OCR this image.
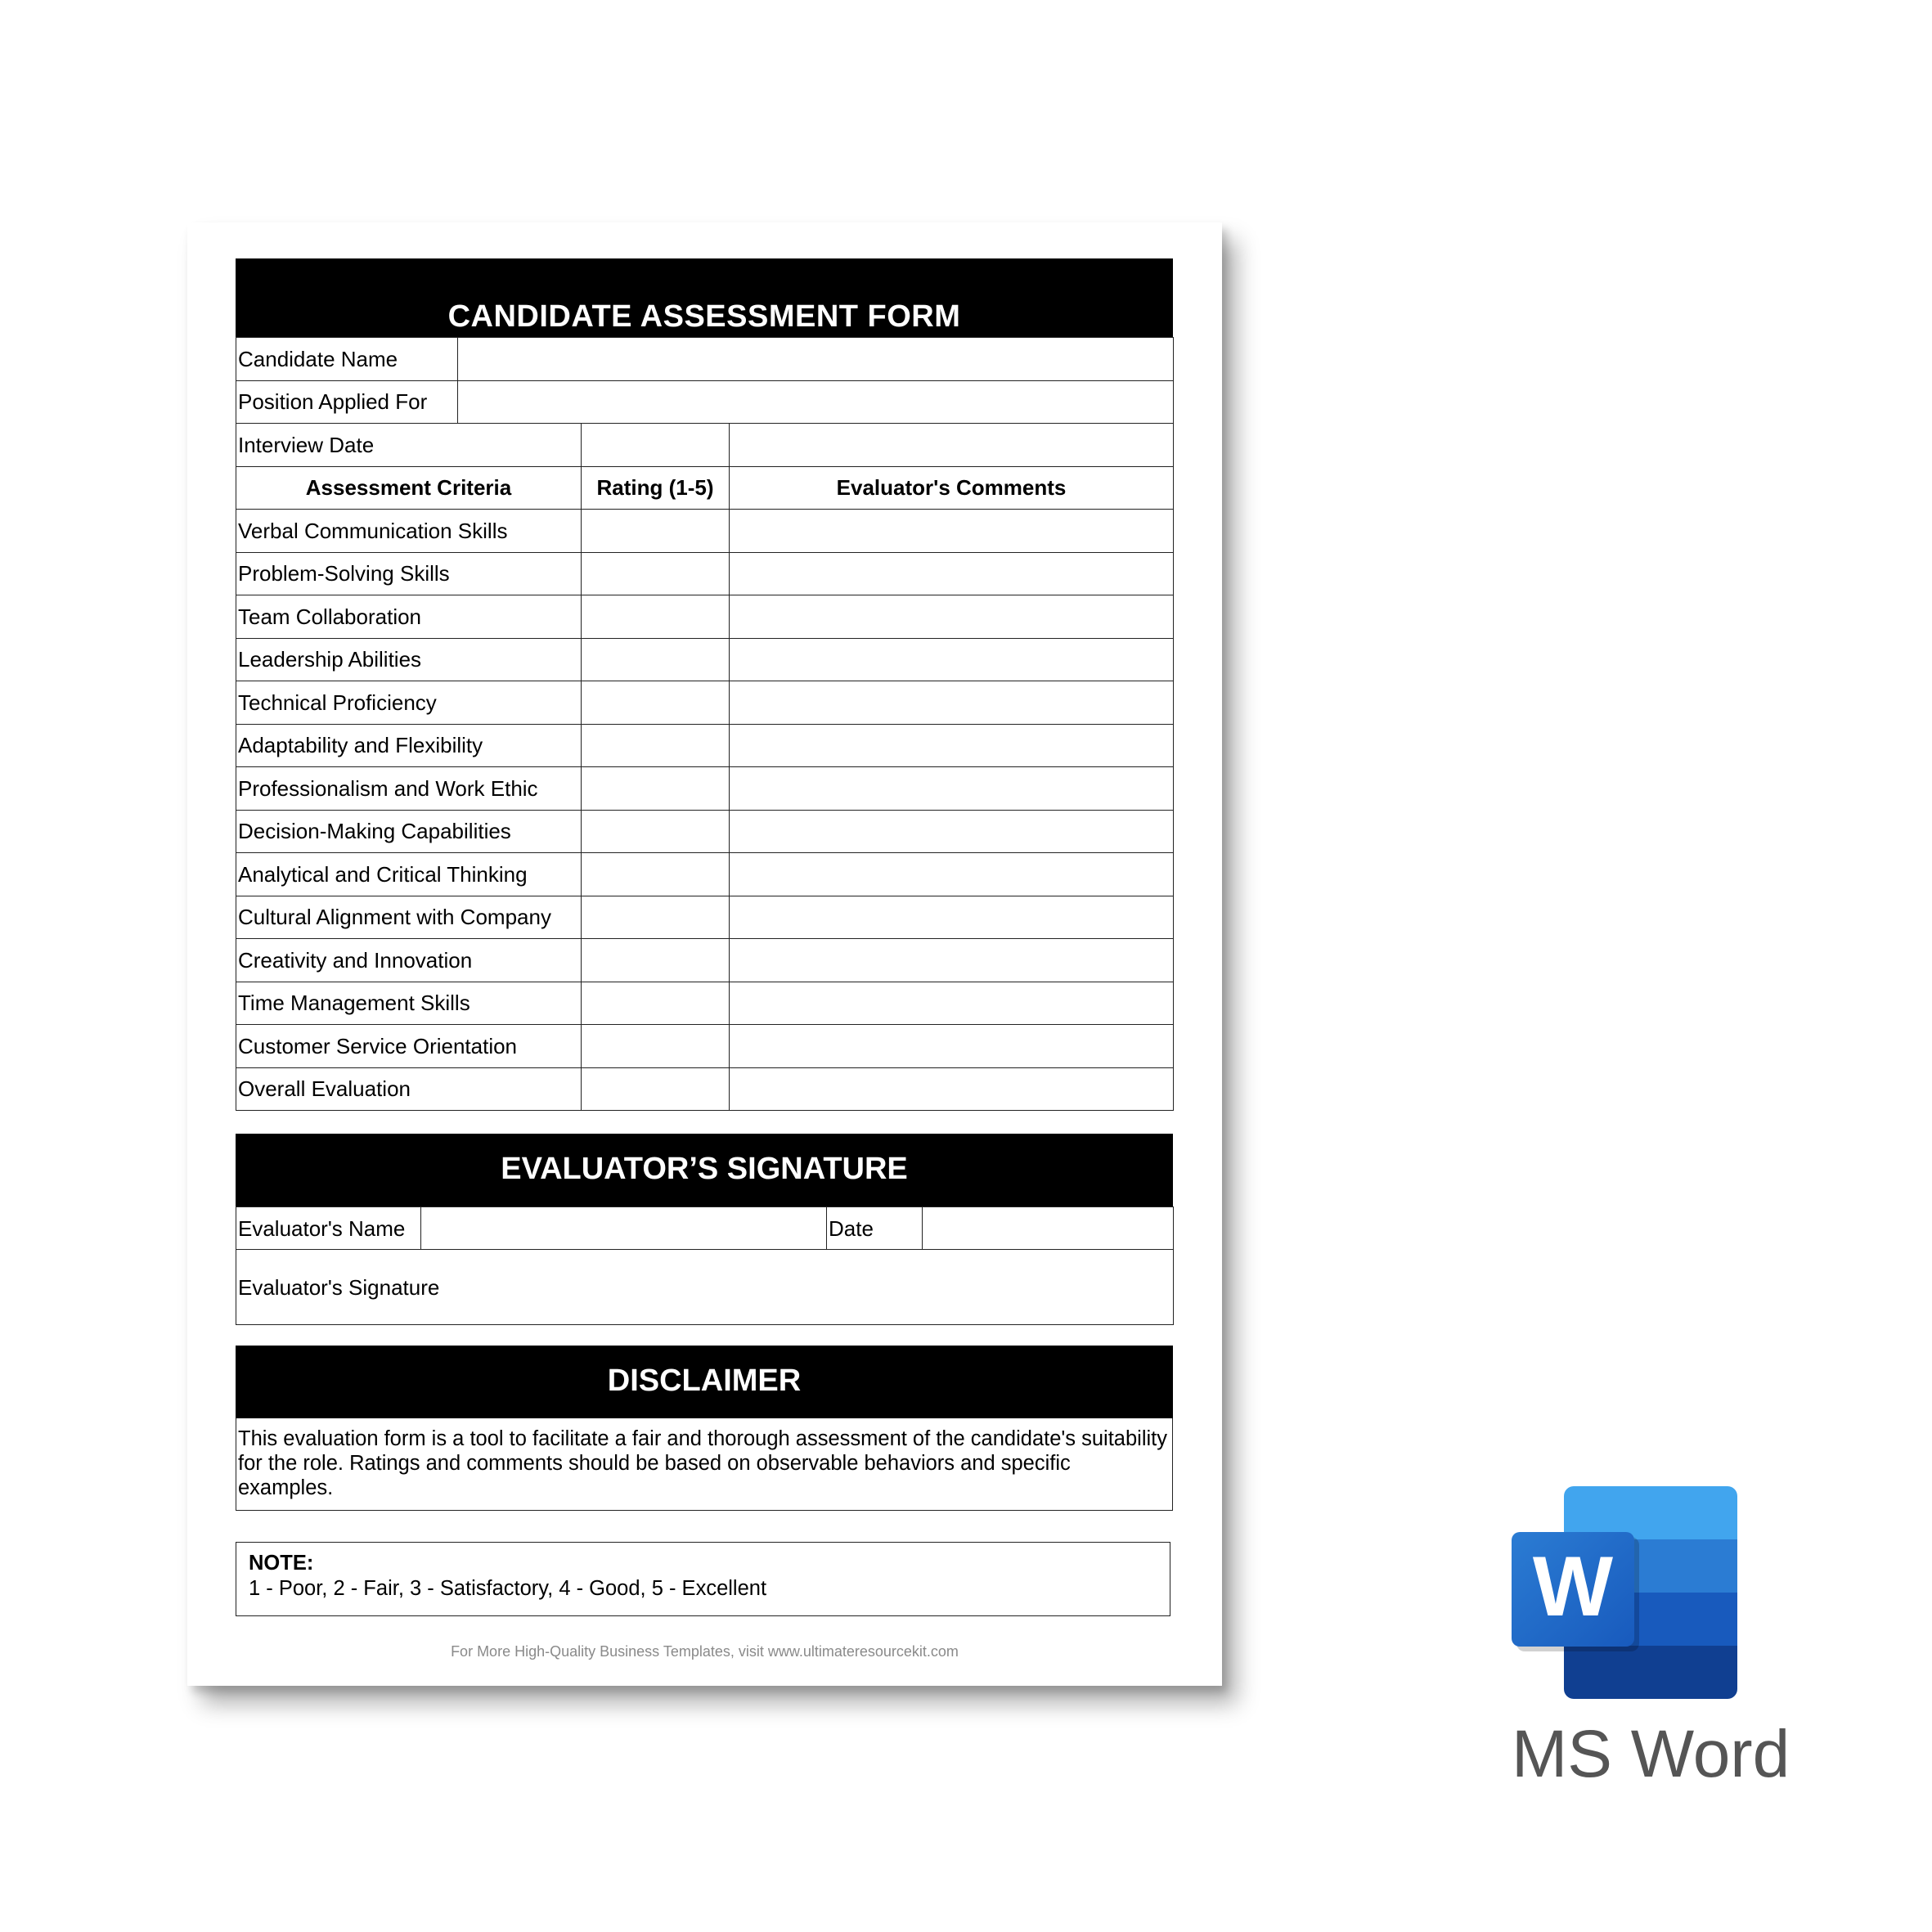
CANDIDATE ASSESSMENT FORM
Candidate Name			
Position Applied For			
Interview Date			
Assessment Criteria		Rating (1-5)	Evaluator's Comments
Verbal Communication Skills			
Problem-Solving Skills			
Team Collaboration			
Leadership Abilities			
Technical Proficiency			
Adaptability and Flexibility			
Professionalism and Work Ethic			
Decision-Making Capabilities			
Analytical and Critical Thinking			
Cultural Alignment with Company			
Creativity and Innovation			
Time Management Skills			
Customer Service Orientation			
Overall Evaluation			
EVALUATOR’S SIGNATURE
Evaluator's Name		Date	
Evaluator's Signature
DISCLAIMER
This evaluation form is a tool to facilitate a fair and thorough assessment of the candidate's suitability for the role. Ratings and comments should be based on observable behaviors and specific examples.
NOTE:
1 - Poor, 2 - Fair, 3 - Satisfactory, 4 - Good, 5 - Excellent
For More High-Quality Business Templates, visit www.ultimateresourcekit.com
W
MS Word
